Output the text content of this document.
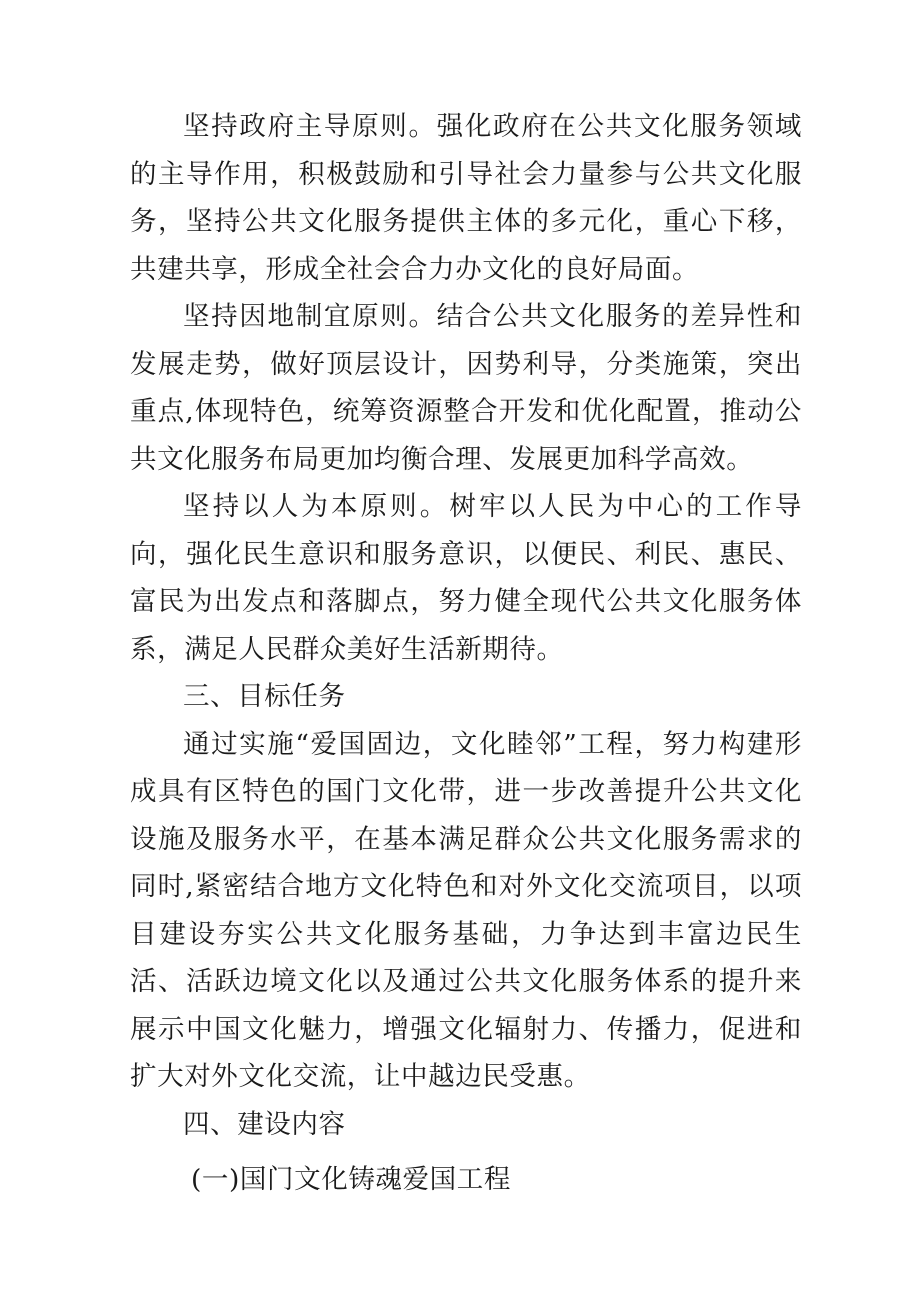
坚持政府主导原则。强化政府在公共文化服务领域的主导作用，积极鼓励和引导社会力量参与公共文化服务，坚持公共文化服务提供主体的多元化，重心下移，共建共享，形成全社会合力办文化的良好局面。

坚持因地制宜原则。结合公共文化服务的差异性和发展走势，做好顶层设计，因势利导，分类施策，突出重点,体现特色，统筹资源整合开发和优化配置，推动公共文化服务布局更加均衡合理、发展更加科学高效。

坚持以人为本原则。树牢以人民为中心的工作导向，强化民生意识和服务意识，以便民、利民、惠民、富民为出发点和落脚点，努力健全现代公共文化服务体系，满足人民群众美好生活新期待。

三、目标任务

通过实施“爱国固边，文化睦邻”工程，努力构建形成具有区特色的国门文化带，进一步改善提升公共文化设施及服务水平，在基本满足群众公共文化服务需求的同时,紧密结合地方文化特色和对外文化交流项目，以项目建设夯实公共文化服务基础，力争达到丰富边民生活、活跃边境文化以及通过公共文化服务体系的提升来展示中国文化魅力，增强文化辐射力、传播力，促进和扩大对外文化交流，让中越边民受惠。

四、建设内容

(一)国门文化铸魂爱国工程
